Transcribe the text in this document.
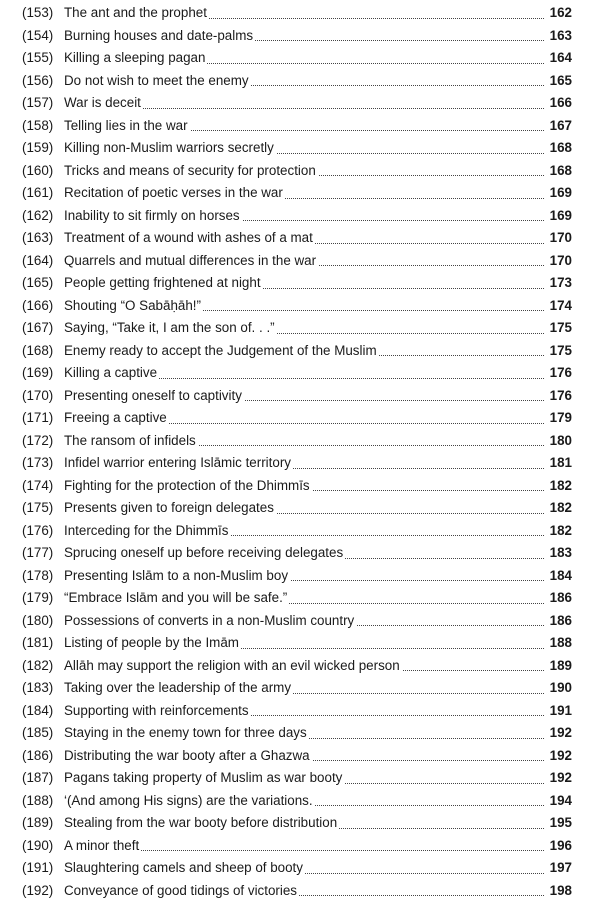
(153) The ant and the prophet	162
(154) Burning houses and date-palms	163
(155) Killing a sleeping pagan	164
(156) Do not wish to meet the enemy	165
(157) War is deceit	166
(158) Telling lies in the war	167
(159) Killing non-Muslim warriors secretly	168
(160) Tricks and means of security for protection	168
(161) Recitation of poetic verses in the war	169
(162) Inability to sit firmly on horses	169
(163) Treatment of a wound with ashes of a mat	170
(164) Quarrels and mutual differences in the war	170
(165) People getting frightened at night	173
(166) Shouting “O Sabāḥāh!”	174
(167) Saying, “Take it, I am the son of. . .”	175
(168) Enemy ready to accept the Judgement of the Muslim	175
(169) Killing a captive	176
(170) Presenting oneself to captivity	176
(171) Freeing a captive	179
(172) The ransom of infidels	180
(173) Infidel warrior entering Islāmic territory	181
(174) Fighting for the protection of the Dhimmīs	182
(175) Presents given to foreign delegates	182
(176) Interceding for the Dhimmīs	182
(177) Sprucing oneself up before receiving delegates	183
(178) Presenting Islām to a non-Muslim boy	184
(179) “Embrace Islām and you will be safe.”	186
(180) Possessions of converts in a non-Muslim country	186
(181) Listing of people by the Imām	188
(182) Allāh may support the religion with an evil wicked person	189
(183) Taking over the leadership of the army	190
(184) Supporting with reinforcements	191
(185) Staying in the enemy town for three days	192
(186) Distributing the war booty after a Ghazwa	192
(187) Pagans taking property of Muslim as war booty	192
(188) ‘(And among His signs) are the variations.	194
(189) Stealing from the war booty before distribution	195
(190) A minor theft	196
(191) Slaughtering camels and sheep of booty	197
(192) Conveyance of good tidings of victories	198
